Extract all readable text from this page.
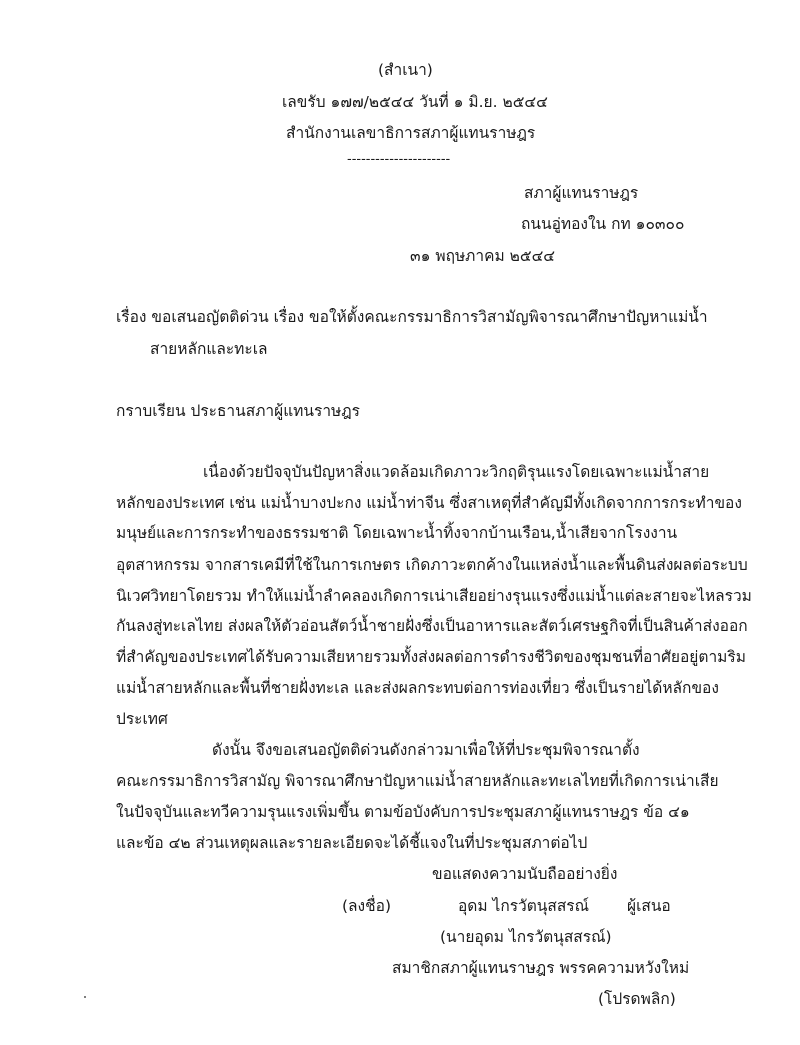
(สำเนา)
เลขรับ ๑๗๗/๒๕๔๔ วันที่ ๑ มิ.ย. ๒๕๔๔
สำนักงานเลขาธิการสภาผู้แทนราษฎร
----------------------
สภาผู้แทนราษฎร
ถนนอู่ทองใน กท ๑๐๓๐๐
๓๑ พฤษภาคม ๒๕๔๔
เรื่อง ขอเสนอญัตติด่วน เรื่อง ขอให้ตั้งคณะกรรมาธิการวิสามัญพิจารณาศึกษาปัญหาแม่น้ำ
สายหลักและทะเล
กราบเรียน ประธานสภาผู้แทนราษฎร
เนื่องด้วยปัจจุบันปัญหาสิ่งแวดล้อมเกิดภาวะวิกฤติรุนแรงโดยเฉพาะแม่น้ำสาย
หลักของประเทศ เช่น แม่น้ำบางปะกง แม่น้ำท่าจีน ซึ่งสาเหตุที่สำคัญมีทั้งเกิดจากการกระทำของ
มนุษย์และการกระทำของธรรมชาติ โดยเฉพาะน้ำทิ้งจากบ้านเรือน,น้ำเสียจากโรงงาน
อุตสาหกรรม จากสารเคมีที่ใช้ในการเกษตร เกิดภาวะตกค้างในแหล่งน้ำและพื้นดินส่งผลต่อระบบ
นิเวศวิทยาโดยรวม ทำให้แม่น้ำลำคลองเกิดการเน่าเสียอย่างรุนแรงซึ่งแม่น้ำแต่ละสายจะไหลรวม
กันลงสู่ทะเลไทย ส่งผลให้ตัวอ่อนสัตว์น้ำชายฝั่งซึ่งเป็นอาหารและสัตว์เศรษฐกิจที่เป็นสินค้าส่งออก
ที่สำคัญของประเทศได้รับความเสียหายรวมทั้งส่งผลต่อการดำรงชีวิตของชุมชนที่อาศัยอยู่ตามริม
แม่น้ำสายหลักและพื้นที่ชายฝั่งทะเล และส่งผลกระทบต่อการท่องเที่ยว ซึ่งเป็นรายได้หลักของ
ประเทศ
ดังนั้น จึงขอเสนอญัตติด่วนดังกล่าวมาเพื่อให้ที่ประชุมพิจารณาตั้ง
คณะกรรมาธิการวิสามัญ พิจารณาศึกษาปัญหาแม่น้ำสายหลักและทะเลไทยที่เกิดการเน่าเสีย
ในปัจจุบันและทวีความรุนแรงเพิ่มขึ้น ตามข้อบังคับการประชุมสภาผู้แทนราษฎร ข้อ ๔๑
และข้อ ๔๒ ส่วนเหตุผลและรายละเอียดจะได้ชี้แจงในที่ประชุมสภาต่อไป
ขอแสดงความนับถืออย่างยิ่ง
(ลงชื่อ)	อุดม ไกรวัตนุสสรณ์ ผู้เสนอ
(นายอุดม ไกรวัตนุสสรณ์)
สมาชิกสภาผู้แทนราษฎร พรรคความหวังใหม่
(โปรดพลิก)
